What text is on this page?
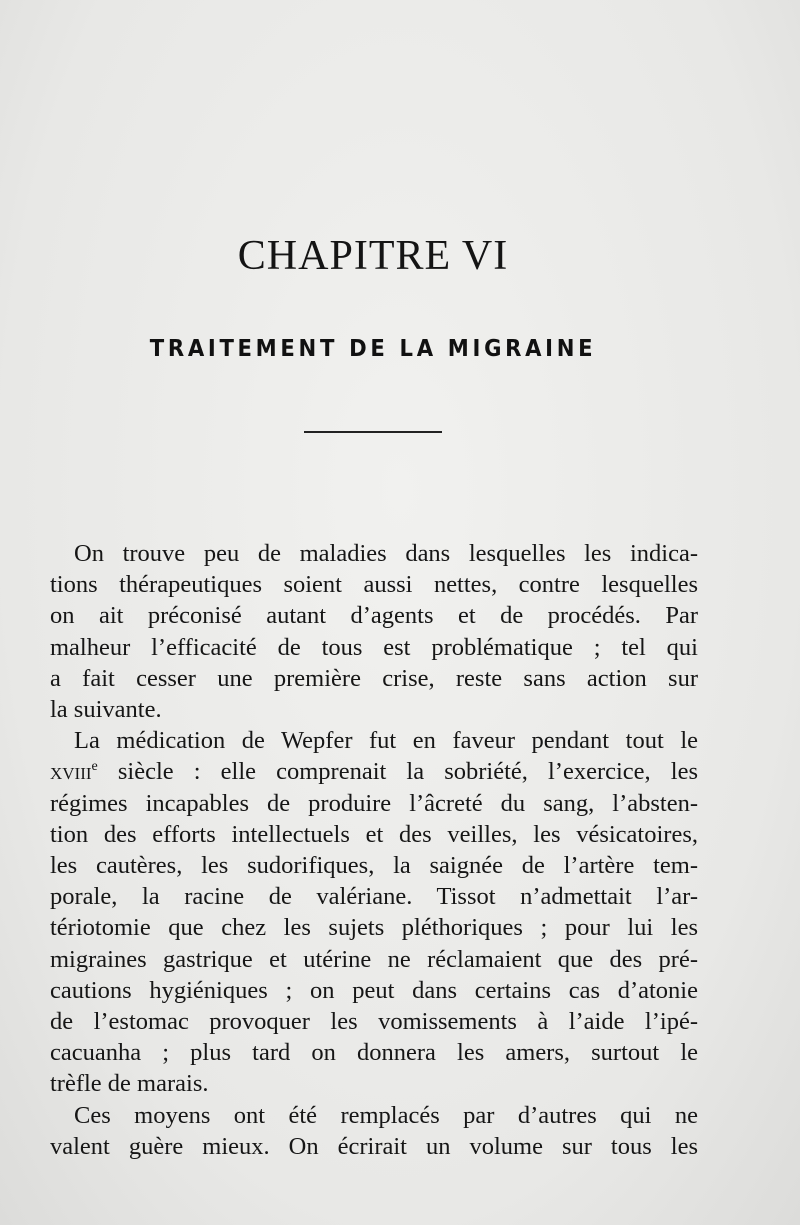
CHAPITRE VI
TRAITEMENT DE LA MIGRAINE
On trouve peu de maladies dans lesquelles les indica-
tions thérapeutiques soient aussi nettes, contre lesquelles
on ait préconisé autant d’agents et de procédés. Par
malheur l’efficacité de tous est problématique ; tel qui
a fait cesser une première crise, reste sans action sur
la suivante.
La médication de Wepfer fut en faveur pendant tout le
xviii$^e$ siècle : elle comprenait la sobriété, l’exercice, les
régimes incapables de produire l’âcreté du sang, l’absten-
tion des efforts intellectuels et des veilles, les vésicatoires,
les cautères, les sudorifiques, la saignée de l’artère tem-
porale, la racine de valériane. Tissot n’admettait l’ar-
tériotomie que chez les sujets pléthoriques ; pour lui les
migraines gastrique et utérine ne réclamaient que des pré-
cautions hygiéniques ; on peut dans certains cas d’atonie
de l’estomac provoquer les vomissements à l’aide l’ipé-
cacuanha ; plus tard on donnera les amers, surtout le
trèfle de marais.
Ces moyens ont été remplacés par d’autres qui ne
valent guère mieux. On écrirait un volume sur tous les
